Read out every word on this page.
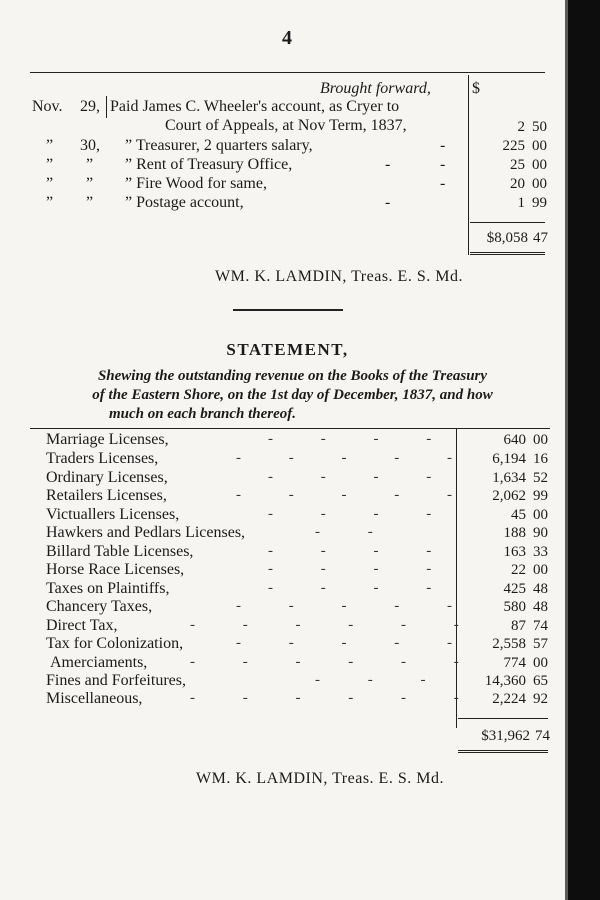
4
Brought forward,	$
Nov. 29, Paid James C. Wheeler's account, as Cryer to
Court of Appeals, at Nov Term, 1837,	2 50
” 30, ” Treasurer, 2 quarters salary,	-	225 00
” ” ” Rent of Treasury Office,	-	-	25 00
” ” ” Fire Wood for same,	-	20 00
” ” ” Postage account,	-	1 99
$8,058 47
WM. K. LAMDIN, Treas. E. S. Md.
STATEMENT,
Shewing the outstanding revenue on the Books of the Treasury
of the Eastern Shore, on the 1st day of December, 1837, and how
much on each branch thereof.
Marriage Licenses,	640 00
Traders Licenses,	6,194 16
Ordinary Licenses,	1,634 52
Retailers Licenses,	2,062 99
Victuallers Licenses,	45 00
Hawkers and Pedlars Licenses,	188 90
Billard Table Licenses,	163 33
Horse Race Licenses,	22 00
Taxes on Plaintiffs,	425 48
Chancery Taxes,	580 48
Direct Tax,	87 74
Tax for Colonization,	2,558 57
Amerciaments,	774 00
Fines and Forfeitures,	14,360 65
Miscellaneous,	2,224 92
- - - -
- - - - -
- - - -
- - - - -
- - - -
- -
- - - -
- - - -
- - - -
- - - - -
- - - - - -
- - - - -
- - - - - -
- - -
- - - - - -
$31,962 74
WM. K. LAMDIN, Treas. E. S. Md.
